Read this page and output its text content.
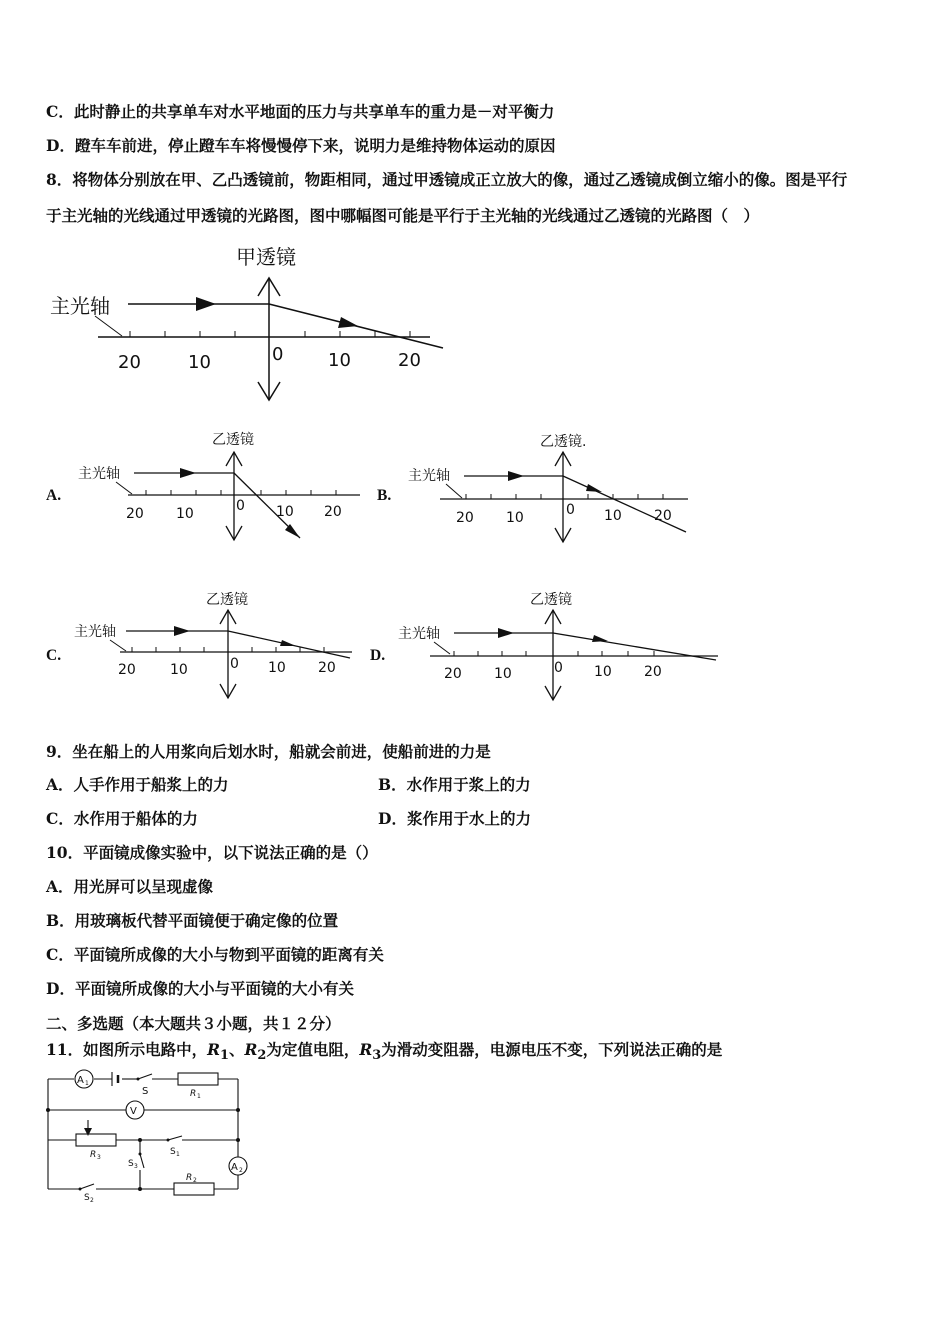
C．此时静止的共享单车对水平地面的压力与共享单车的重力是－对平衡力
D．蹬车车前进，停止蹬车车将慢慢停下来，说明力是维持物体运动的原因
8．将物体分别放在甲、乙凸透镜前，物距相同，通过甲透镜成正立放大的像，通过乙透镜成倒立缩小的像。图是平行
于主光轴的光线通过甲透镜的光路图，图中哪幅图可能是平行于主光轴的光线通过乙透镜的光路图（　）
甲透镜
主光轴
20	10	0 10	20
A.
乙透镜
主光轴
20 10	0 10 20
B.
乙透镜.
主光轴
20 10	0 10 20
C.
乙透镜
主光轴
20 10	0 10 20
D.
乙透镜
主光轴
20 10	0 10 20
9．坐在船上的人用浆向后划水时，船就会前进，使船前进的力是
A．人手作用于船浆上的力	B．水作用于浆上的力
C．水作用于船体的力	D．浆作用于水上的力
10．平面镜成像实验中，以下说法正确的是（）
A．用光屏可以呈现虚像
B．用玻璃板代替平面镜便于确定像的位置
C．平面镜所成像的大小与物到平面镜的距离有关
D．平面镜所成像的大小与平面镜的大小有关
二、多选题（本大题共３小题，共１２分）
11．如图所示电路中，$R_1$、$R_2$为定值电阻，$R_3$为滑动变阻器，电源电压不变，下列说法正确的是
A 1
V
A 2
S	R 1
R 3
S 1
S 3
R 2
S 2
